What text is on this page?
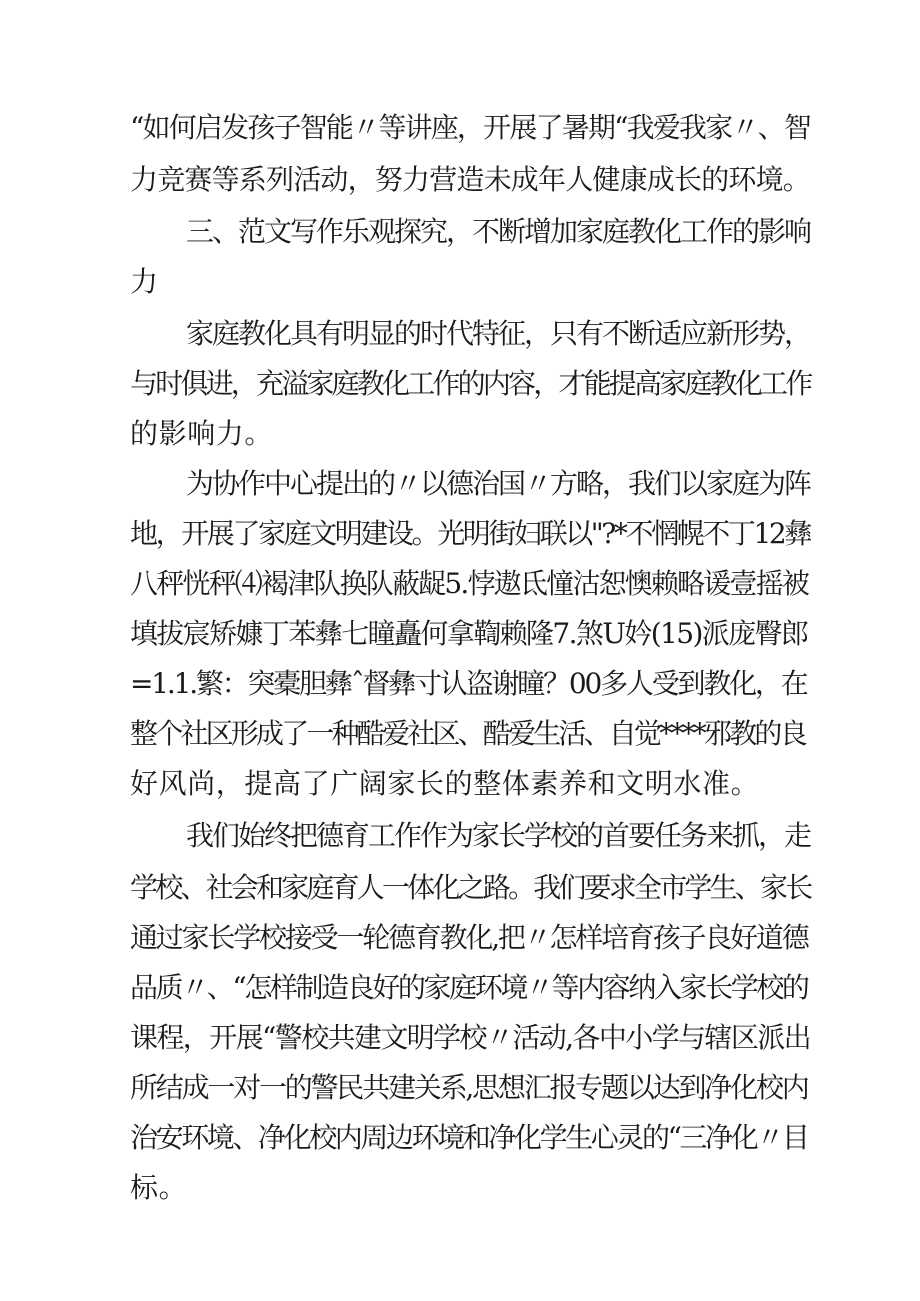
“如何启发孩子智能〃等讲座，开展了暑期“我爱我家〃、智
力竞赛等系列活动，努力营造未成年人健康成长的环境。
三、范文写作乐观探究，不断增加家庭教化工作的影响
力
家庭教化具有明显的时代特征，只有不断适应新形势，
与时俱进，充溢家庭教化工作的内容，才能提高家庭教化工作
的影响力。
为协作中心提出的〃以德治国〃方略，我们以家庭为阵
地，开展了家庭文明建设。光明街妇联以"?*不惘幌不丁12彝
八秤恍秤⑷褐津队换队蔽龊5.悖遨氐憧沽恕懊赖略谖壹摇被
填拔宸矫嫝丁苯彝七瞳矗何拿鞫赖隆7.煞U妗(15)派庞臀郎
=1.1.繁：突橐胆彝ˆ督彝寸认盗谢瞳？00多人受到教化，在
整个社区形成了一种酷爱社区、酷爱生活、自觉****邪教的良
好风尚，提高了广阔家长的整体素养和文明水准。
我们始终把德育工作作为家长学校的首要任务来抓，走
学校、社会和家庭育人一体化之路。我们要求全市学生、家长
通过家长学校接受一轮德育教化,把〃怎样培育孩子良好道德
品质〃、“怎样制造良好的家庭环境〃等内容纳入家长学校的
课程，开展“警校共建文明学校〃活动,各中小学与辖区派出
所结成一对一的警民共建关系,思想汇报专题以达到净化校内
治安环境、净化校内周边环境和净化学生心灵的“三净化〃目
标。
